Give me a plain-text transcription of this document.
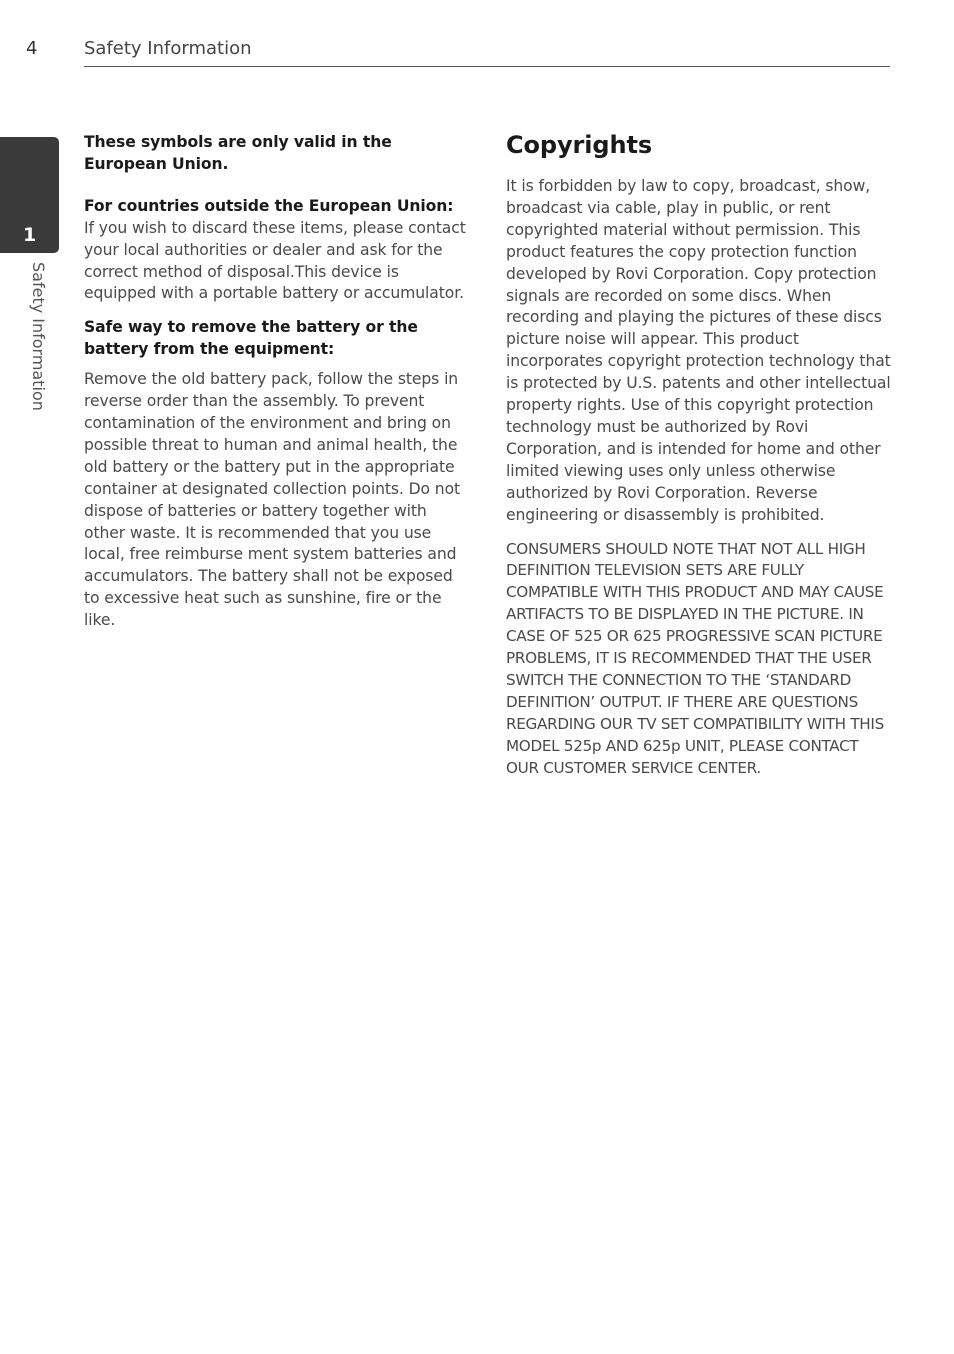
4	Safety Information
1
Safety Information

These symbols are only valid in the European Union.

For countries outside the European Union:

If you wish to discard these items, please contact your local authorities or dealer and ask for the correct method of disposal.This device is equipped with a portable battery or accumulator.

Safe way to remove the battery or the battery from the equipment:

Remove the old battery pack, follow the steps in reverse order than the assembly. To prevent contamination of the environment and bring on possible threat to human and animal health, the old battery or the battery put in the appropriate container at designated collection points. Do not dispose of batteries or battery together with other waste. It is recommended that you use local, free reimburse ment system batteries and accumulators. The battery shall not be exposed to excessive heat such as sunshine, fire or the like.

Copyrights

It is forbidden by law to copy, broadcast, show, broadcast via cable, play in public, or rent copyrighted material without permission. This product features the copy protection function developed by Rovi Corporation. Copy protection signals are recorded on some discs. When recording and playing the pictures of these discs picture noise will appear. This product incorporates copyright protection technology that is protected by U.S. patents and other intellectual property rights. Use of this copyright protection technology must be authorized by Rovi Corporation, and is intended for home and other limited viewing uses only unless otherwise authorized by Rovi Corporation. Reverse engineering or disassembly is prohibited.

CONSUMERS SHOULD NOTE THAT NOT ALL HIGH DEFINITION TELEVISION SETS ARE FULLY COMPATIBLE WITH THIS PRODUCT AND MAY CAUSE ARTIFACTS TO BE DISPLAYED IN THE PICTURE. IN CASE OF 525 OR 625 PROGRESSIVE SCAN PICTURE PROBLEMS, IT IS RECOMMENDED THAT THE USER SWITCH THE CONNECTION TO THE ‘STANDARD DEFINITION’ OUTPUT. IF THERE ARE QUESTIONS REGARDING OUR TV SET COMPATIBILITY WITH THIS MODEL 525p AND 625p UNIT, PLEASE CONTACT OUR CUSTOMER SERVICE CENTER.
